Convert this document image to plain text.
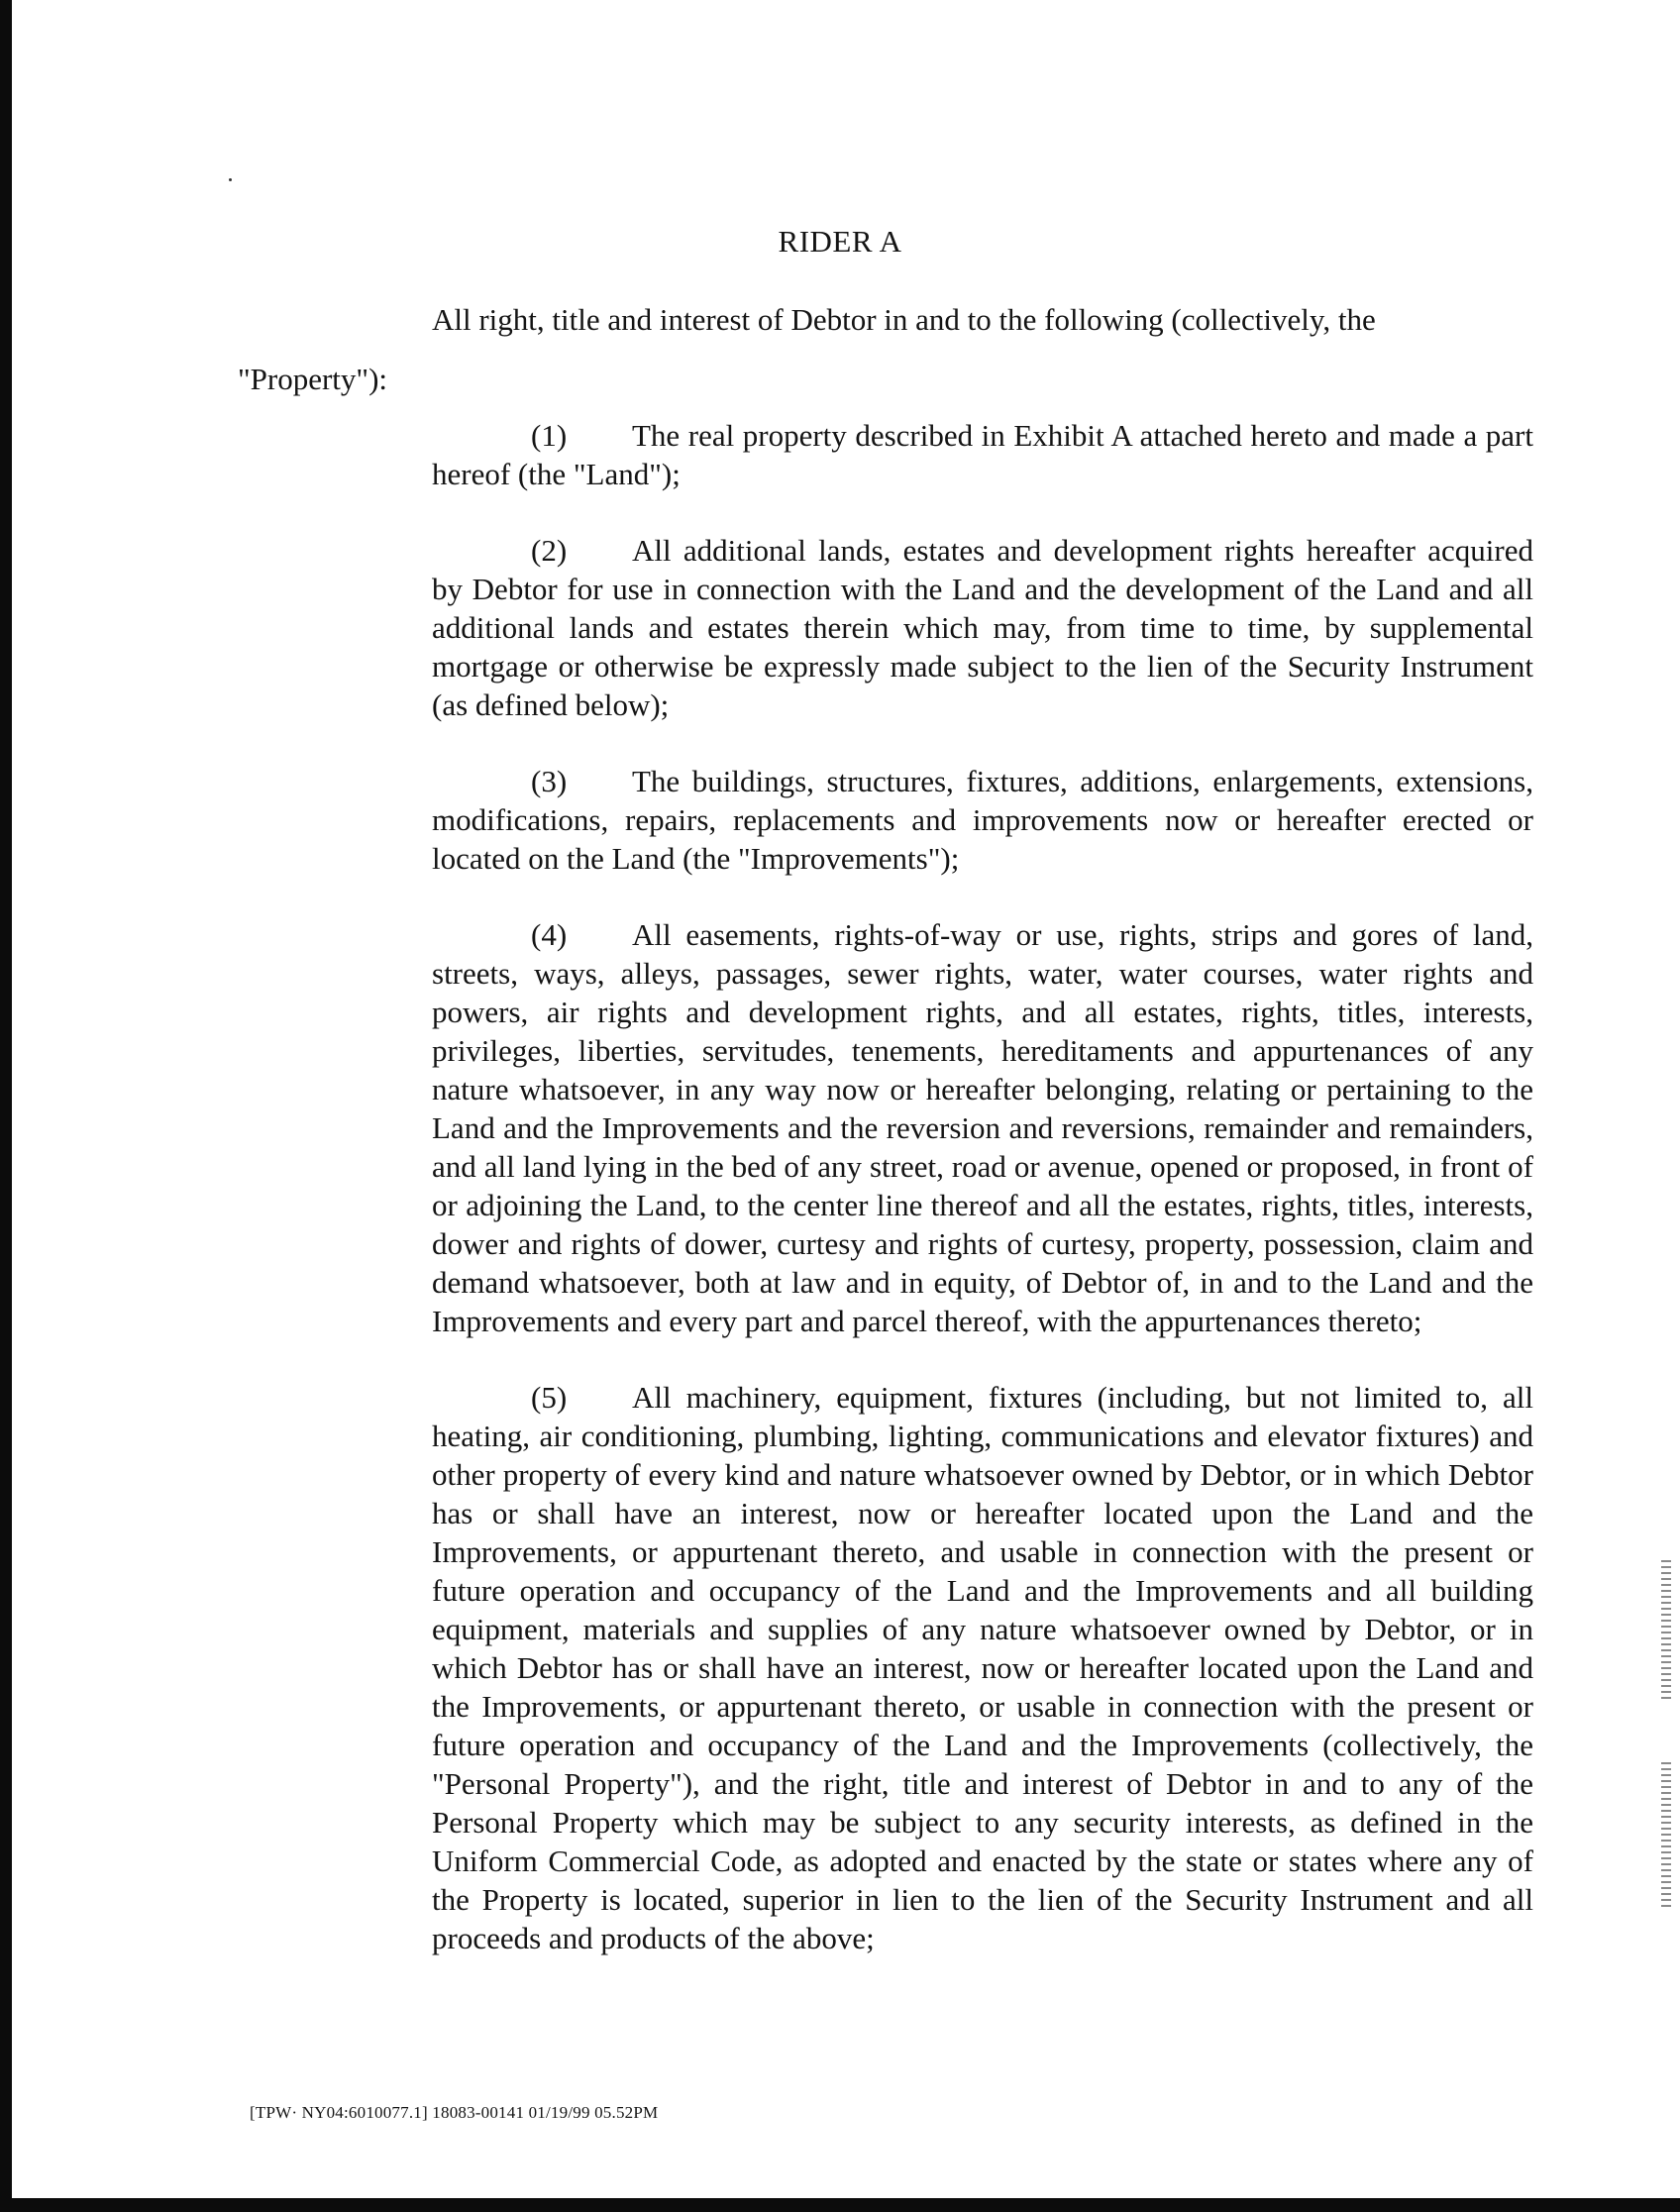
RIDER A

All right, title and interest of Debtor in and to the following (collectively, the

"Property"):

(1) The real property described in Exhibit A attached hereto and made a part hereof (the "Land");

(2) All additional lands, estates and development rights hereafter acquired by Debtor for use in connection with the Land and the development of the Land and all additional lands and estates therein which may, from time to time, by supplemental mortgage or otherwise be expressly made subject to the lien of the Security Instrument (as defined below);

(3) The buildings, structures, fixtures, additions, enlargements, extensions, modifications, repairs, replacements and improvements now or hereafter erected or located on the Land (the "Improvements");

(4) All easements, rights-of-way or use, rights, strips and gores of land, streets, ways, alleys, passages, sewer rights, water, water courses, water rights and powers, air rights and development rights, and all estates, rights, titles, interests, privileges, liberties, servitudes, tenements, hereditaments and appurtenances of any nature whatsoever, in any way now or hereafter belonging, relating or pertaining to the Land and the Improvements and the reversion and reversions, remainder and remainders, and all land lying in the bed of any street, road or avenue, opened or proposed, in front of or adjoining the Land, to the center line thereof and all the estates, rights, titles, interests, dower and rights of dower, curtesy and rights of curtesy, property, possession, claim and demand whatsoever, both at law and in equity, of Debtor of, in and to the Land and the Improvements and every part and parcel thereof, with the appurtenances thereto;

(5) All machinery, equipment, fixtures (including, but not limited to, all heating, air conditioning, plumbing, lighting, communications and elevator fixtures) and other property of every kind and nature whatsoever owned by Debtor, or in which Debtor has or shall have an interest, now or hereafter located upon the Land and the Improvements, or appurtenant thereto, and usable in connection with the present or future operation and occupancy of the Land and the Improvements and all building equipment, materials and supplies of any nature whatsoever owned by Debtor, or in which Debtor has or shall have an interest, now or hereafter located upon the Land and the Improvements, or appurtenant thereto, or usable in connection with the present or future operation and occupancy of the Land and the Improvements (collectively, the "Personal Property"), and the right, title and interest of Debtor in and to any of the Personal Property which may be subject to any security interests, as defined in the Uniform Commercial Code, as adopted and enacted by the state or states where any of the Property is located, superior in lien to the lien of the Security Instrument and all proceeds and products of the above;

[TPW· NY04:6010077.1] 18083-00141 01/19/99 05.52PM
